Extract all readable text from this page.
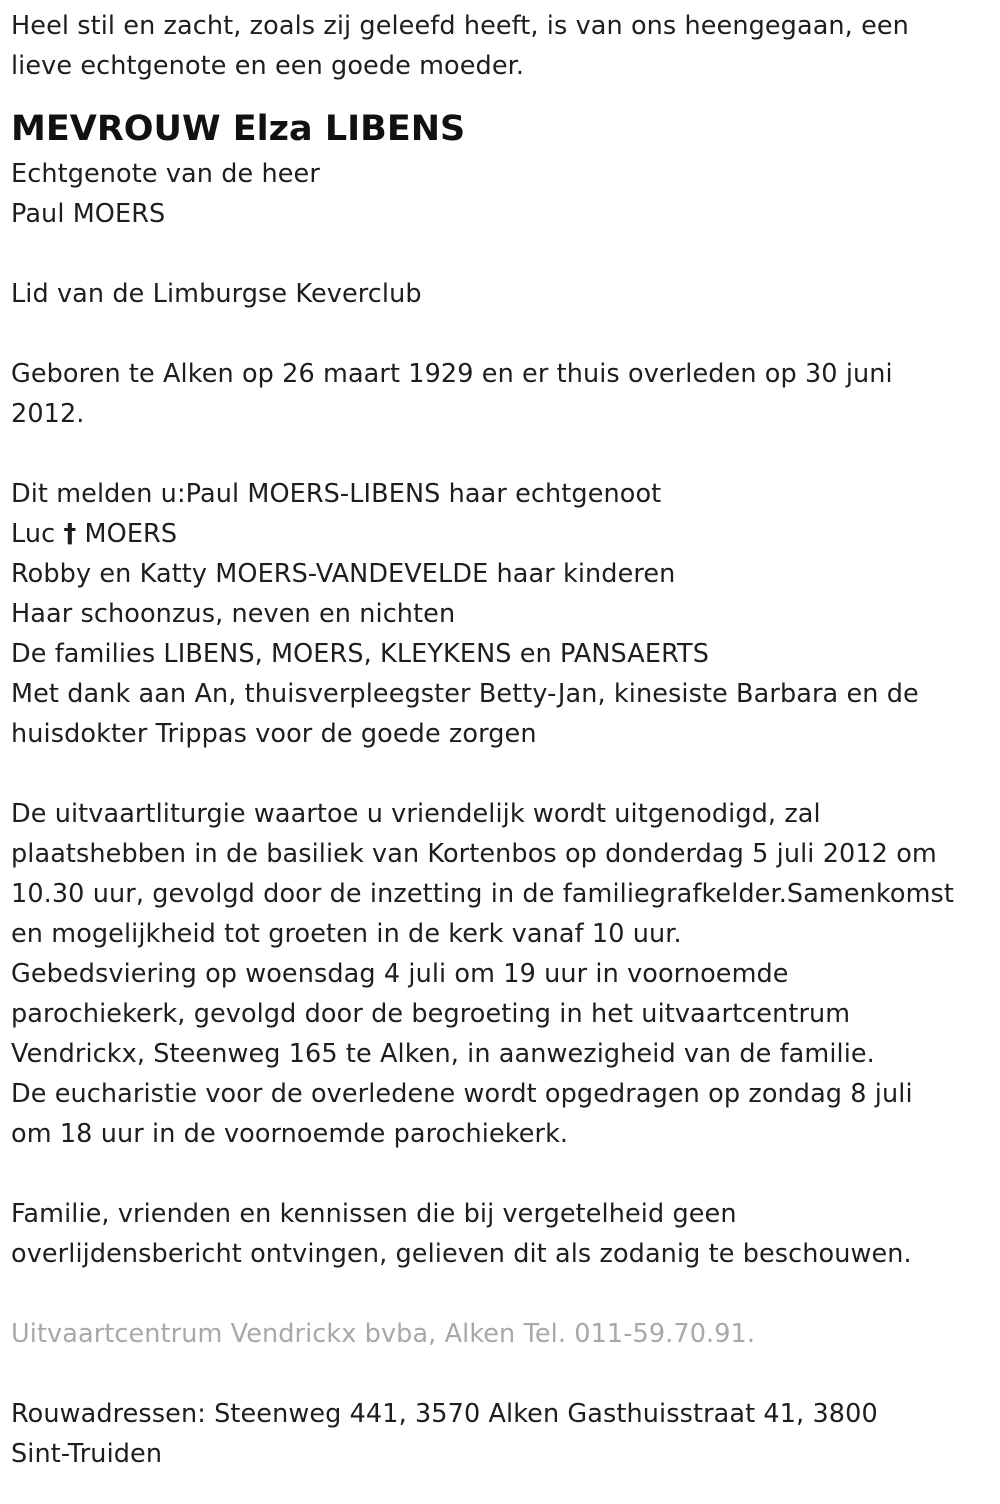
Heel stil en zacht, zoals zij geleefd heeft, is van ons heengegaan, een
lieve echtgenote en een goede moeder.
MEVROUW Elza LIBENS
Echtgenote van de heer
Paul MOERS
Lid van de Limburgse Keverclub
Geboren te Alken op 26 maart 1929 en er thuis overleden op 30 juni
2012.
Dit melden u:Paul MOERS-LIBENS haar echtgenoot
Luc † MOERS
Robby en Katty MOERS-VANDEVELDE haar kinderen
Haar schoonzus, neven en nichten
De families LIBENS, MOERS, KLEYKENS en PANSAERTS
Met dank aan An, thuisverpleegster Betty-Jan, kinesiste Barbara en de
huisdokter Trippas voor de goede zorgen
De uitvaartliturgie waartoe u vriendelijk wordt uitgenodigd, zal
plaatshebben in de basiliek van Kortenbos op donderdag 5 juli 2012 om
10.30 uur, gevolgd door de inzetting in de familiegrafkelder.Samenkomst
en mogelijkheid tot groeten in de kerk vanaf 10 uur.
Gebedsviering op woensdag 4 juli om 19 uur in voornoemde
parochiekerk, gevolgd door de begroeting in het uitvaartcentrum
Vendrickx, Steenweg 165 te Alken, in aanwezigheid van de familie.
De eucharistie voor de overledene wordt opgedragen op zondag 8 juli
om 18 uur in de voornoemde parochiekerk.
Familie, vrienden en kennissen die bij vergetelheid geen
overlijdensbericht ontvingen, gelieven dit als zodanig te beschouwen.
Uitvaartcentrum Vendrickx bvba, Alken Tel. 011-59.70.91.
Rouwadressen: Steenweg 441, 3570 Alken Gasthuisstraat 41, 3800
Sint-Truiden
